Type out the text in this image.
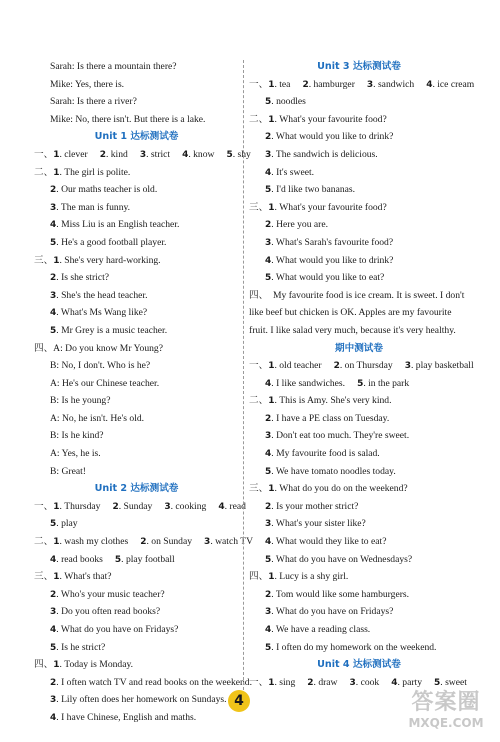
Sarah: Is there a mountain there?
Mike: Yes, there is.
Sarah: Is there a river?
Mike: No, there isn't. But there is a lake.
Unit 1 达标测试卷
一、1. clever 2. kind 3. strict 4. know 5. shy
二、1. The girl is polite.
2. Our maths teacher is old.
3. The man is funny.
4. Miss Liu is an English teacher.
5. He's a good football player.
三、1. She's very hard-working.
2. Is she strict?
3. She's the head teacher.
4. What's Ms Wang like?
5. Mr Grey is a music teacher.
四、A: Do you know Mr Young?
B: No, I don't. Who is he?
A: He's our Chinese teacher.
B: Is he young?
A: No, he isn't. He's old.
B: Is he kind?
A: Yes, he is.
B: Great!
Unit 2 达标测试卷
一、1. Thursday 2. Sunday 3. cooking 4. read
5. play
二、1. wash my clothes 2. on Sunday 3. watch TV
4. read books 5. play football
三、1. What's that?
2. Who's your music teacher?
3. Do you often read books?
4. What do you have on Fridays?
5. Is he strict?
四、1. Today is Monday.
2. I often watch TV and read books on the weekend.
3. Lily often does her homework on Sundays.
4. I have Chinese, English and maths.
Unit 3 达标测试卷
一、1. tea 2. hamburger 3. sandwich 4. ice cream
5. noodles
二、1. What's your favourite food?
2. What would you like to drink?
3. The sandwich is delicious.
4. It's sweet.
5. I'd like two bananas.
三、1. What's your favourite food?
2. Here you are.
3. What's Sarah's favourite food?
4. What would you like to drink?
5. What would you like to eat?
四、　My favourite food is ice cream. It is sweet. I don't like beef but chicken is OK. Apples are my favourite fruit. I like salad very much, because it's very healthy.
期中测试卷
一、1. old teacher 2. on Thursday 3. play basketball
4. I like sandwiches. 5. in the park
二、1. This is Amy. She's very kind.
2. I have a PE class on Tuesday.
3. Don't eat too much. They're sweet.
4. My favourite food is salad.
5. We have tomato noodles today.
三、1. What do you do on the weekend?
2. Is your mother strict?
3. What's your sister like?
4. What would they like to eat?
5. What do you have on Wednesdays?
四、1. Lucy is a shy girl.
2. Tom would like some hamburgers.
3. What do you have on Fridays?
4. We have a reading class.
5. I often do my homework on the weekend.
Unit 4 达标测试卷
一、1. sing 2. draw 3. cook 4. party 5. sweet
4	答案圈
MXQE.COM
